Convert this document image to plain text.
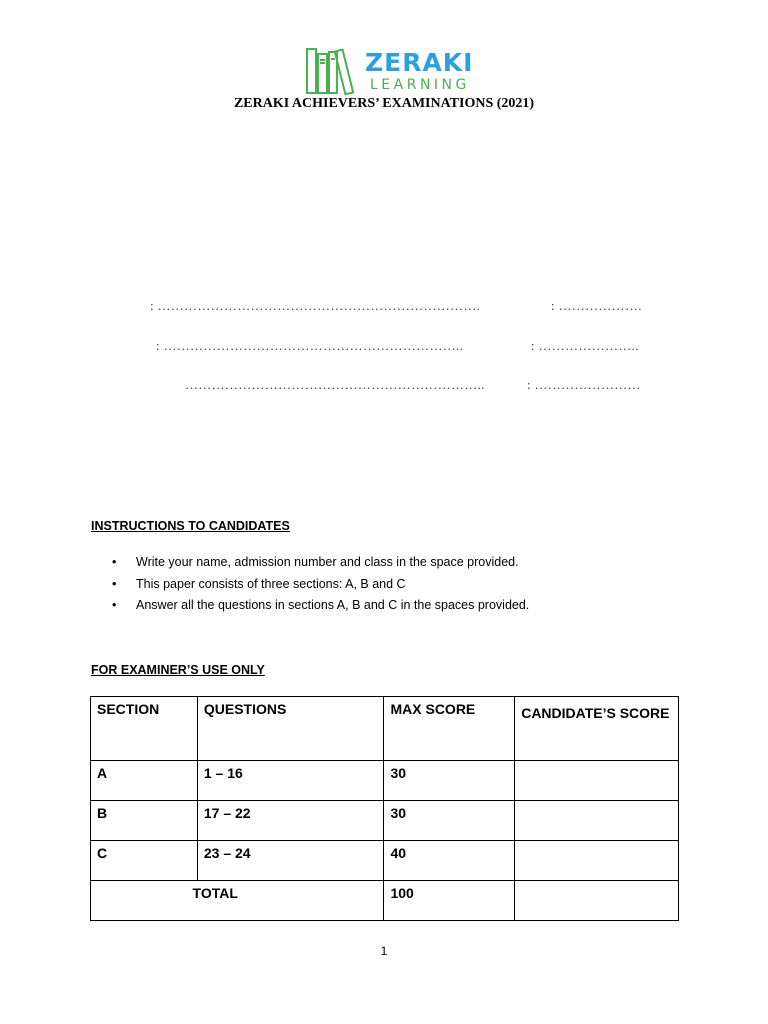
ZERAKI
LEARNING
ZERAKI ACHIEVERS’ EXAMINATIONS (2021)
: ……………………………………………………………….	: ……………….
: …………………………………………………………..	: …………………..
…………………………………………………………..	: ……………………
INSTRUCTIONS TO CANDIDATES
• Write your name, admission number and class in the space provided.
• This paper consists of three sections: A, B and C
• Answer all the questions in sections A, B and C in the spaces provided.
FOR EXAMINER’S USE ONLY
SECTION	QUESTIONS	MAX SCORE	CANDIDATE’S SCORE
A	1 – 16	30	
B	17 – 22	30	
C	23 – 24	40	
TOTAL		100	
1
